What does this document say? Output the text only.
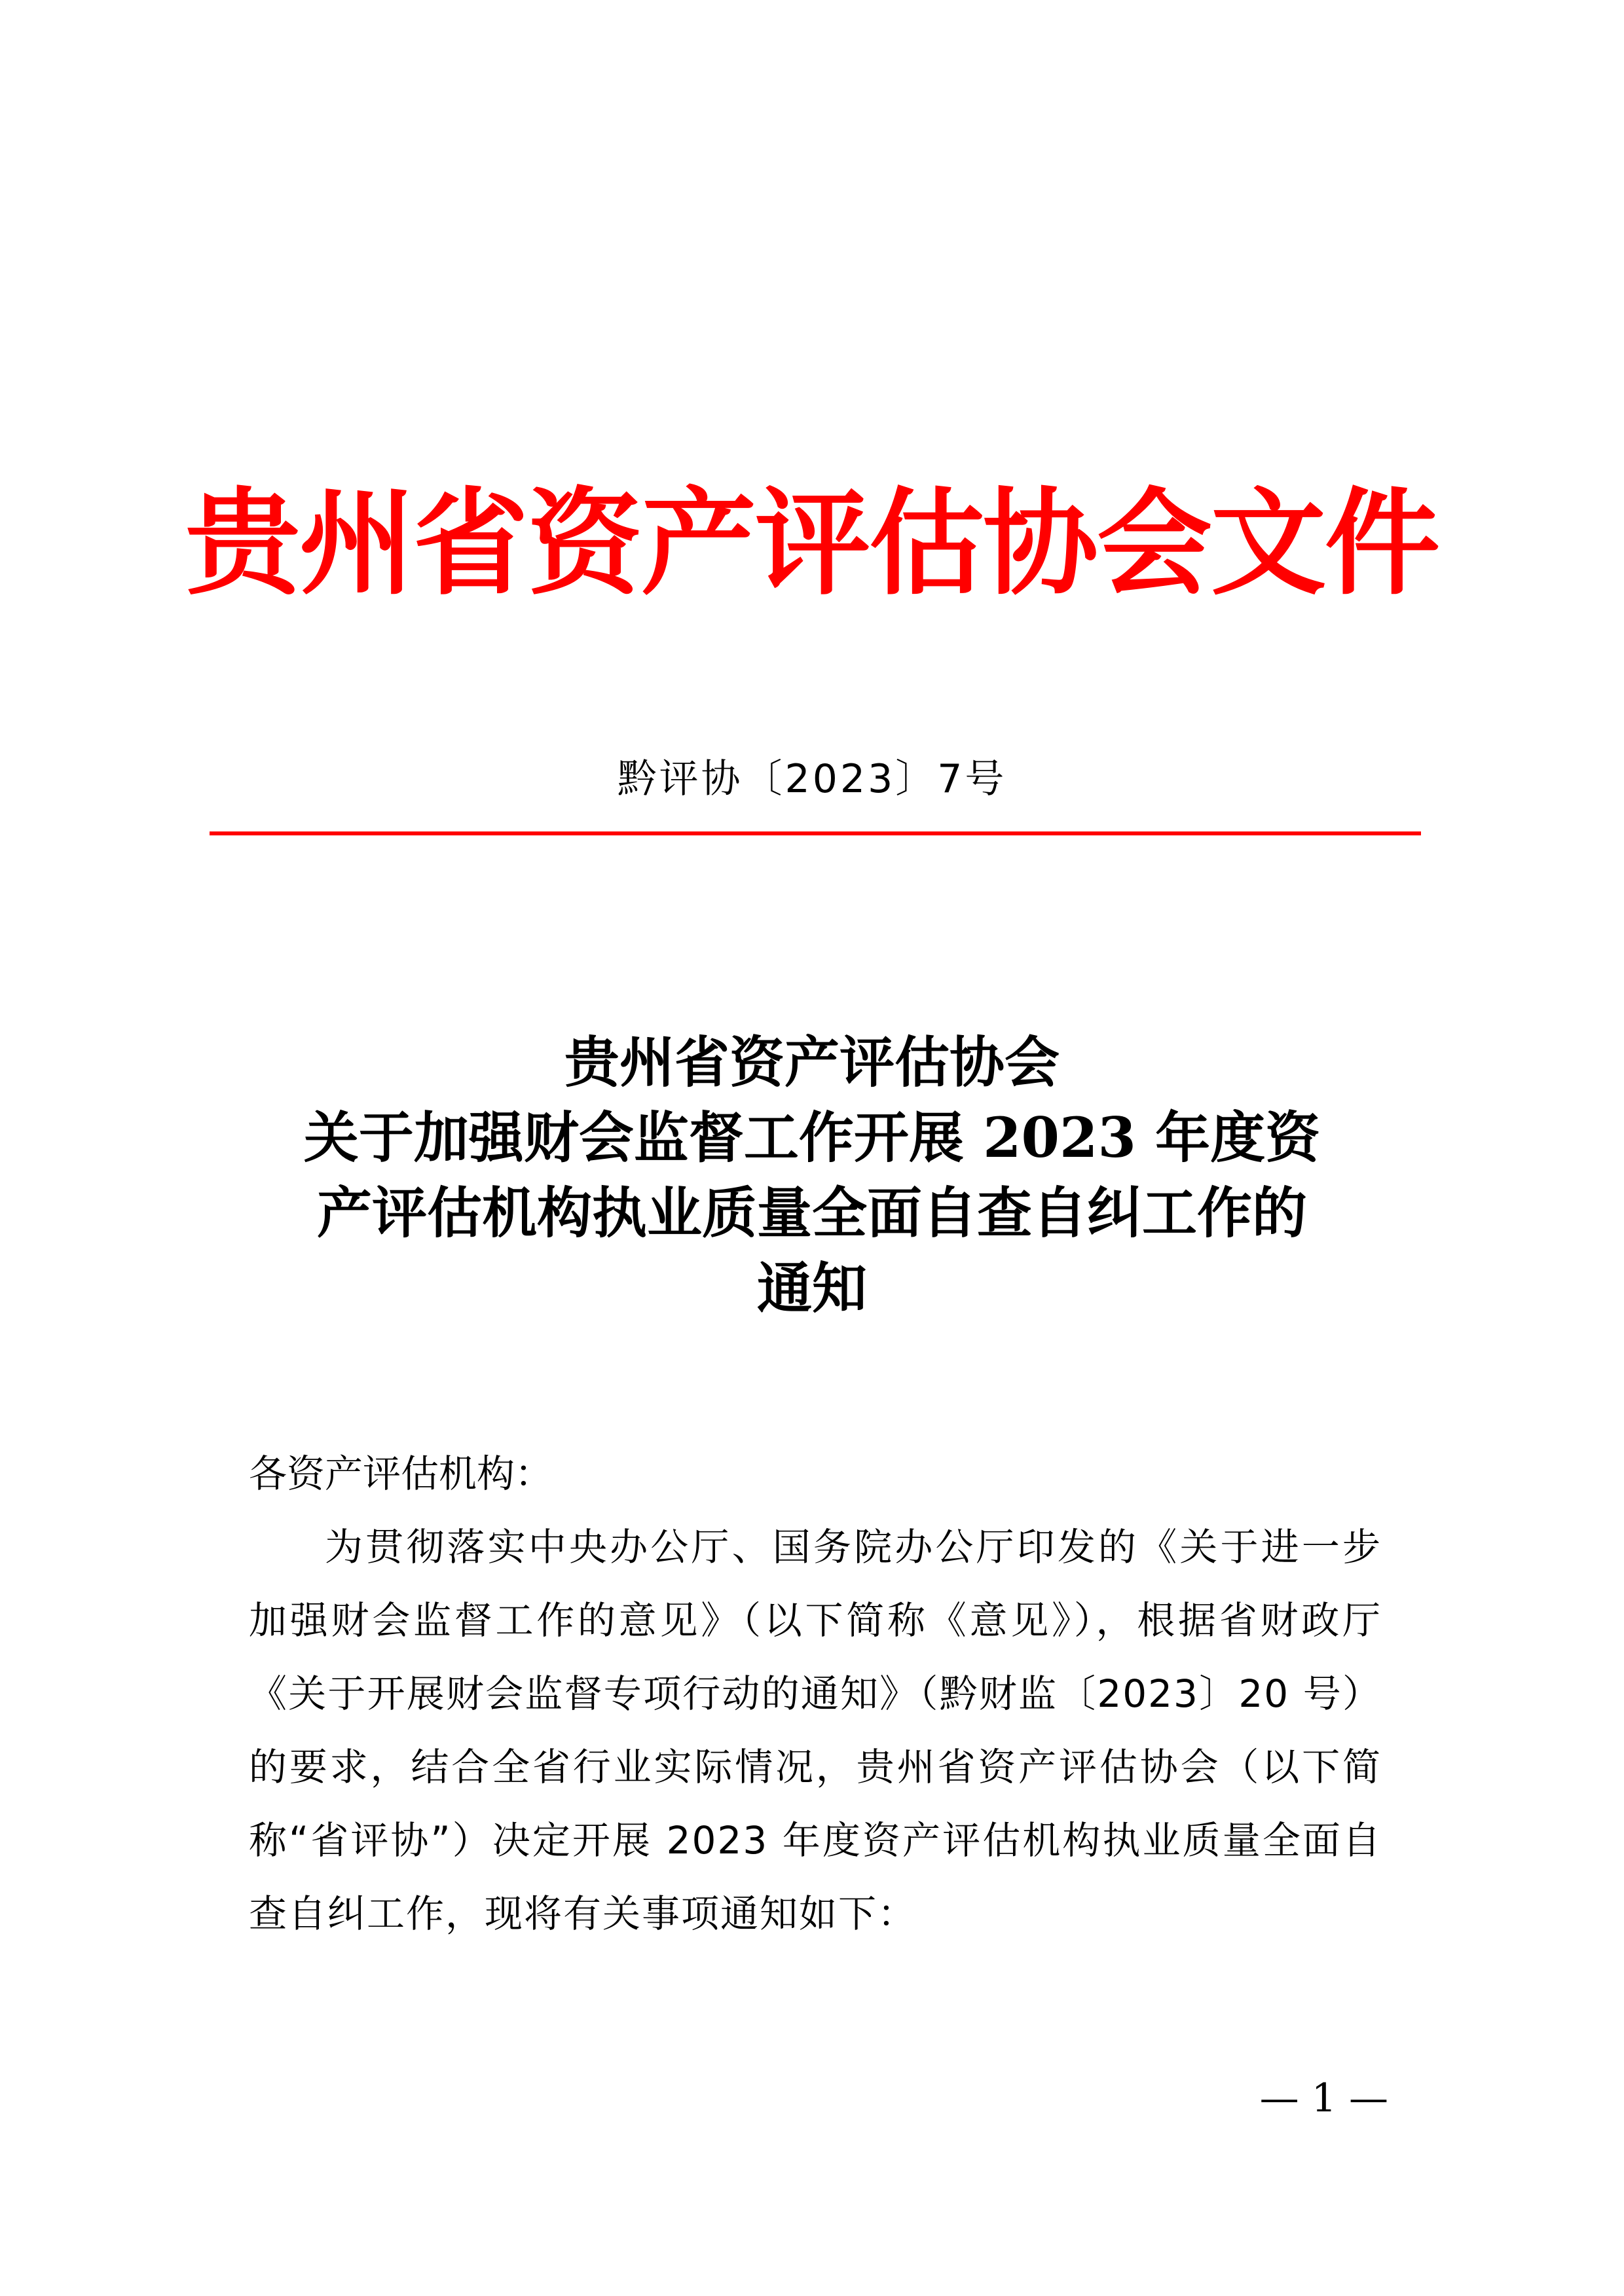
贵州省资产评估协会文件
黔评协〔2023〕7号
贵州省资产评估协会
关于加强财会监督工作开展 2023 年度资
产评估机构执业质量全面自查自纠工作的
通知
各资产评估机构：
为贯彻落实中央办公厅、国务院办公厅印发的《关于进一步加强财会监督工作的意见》（以下简称《意见》），根据省财政厅《关于开展财会监督专项行动的通知》（黔财监〔2023〕20 号）的要求，结合全省行业实际情况，贵州省资产评估协会（以下简称“省评协”）决定开展 2023 年度资产评估机构执业质量全面自查自纠工作，现将有关事项通知如下：
— 1 —
